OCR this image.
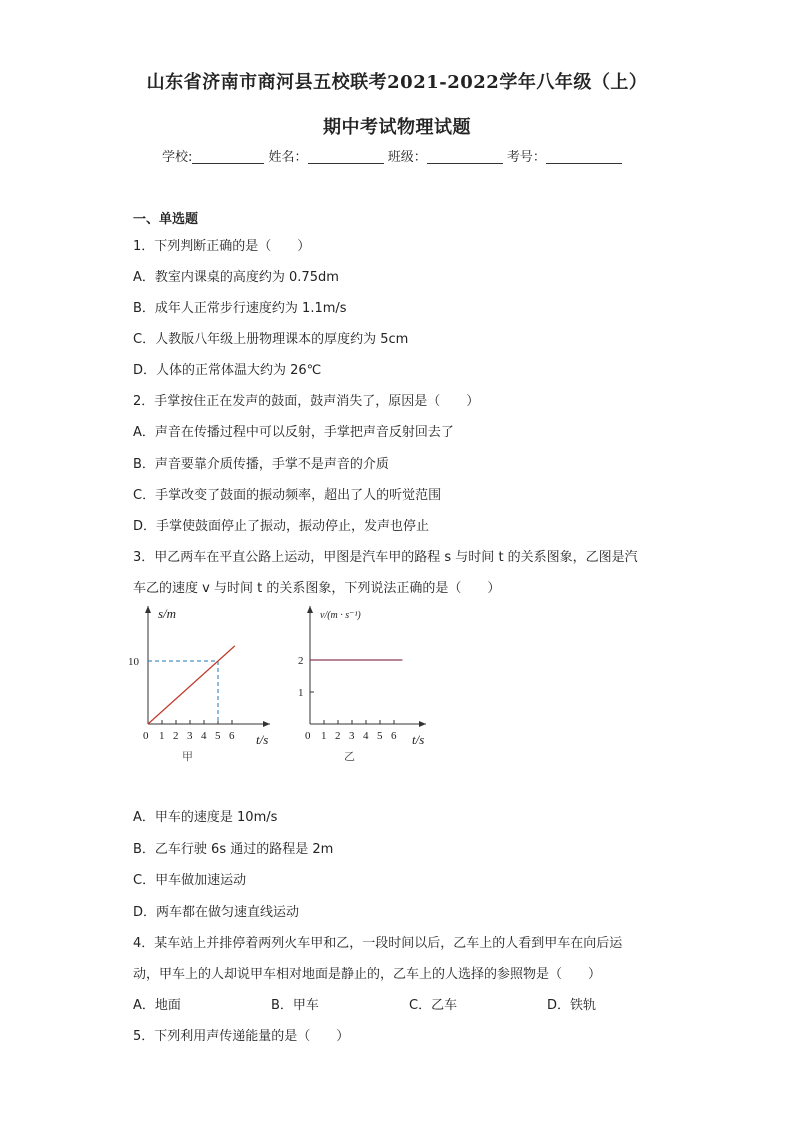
山东省济南市商河县五校联考2021-2022学年八年级（上）
期中考试物理试题
学校:	姓名：	班级：	考号：
一、单选题
1．下列判断正确的是（　　）
A．教室内课桌的高度约为 0.75dm
B．成年人正常步行速度约为 1.1m/s
C．人教版八年级上册物理课本的厚度约为 5cm
D．人体的正常体温大约为 26℃
2．手掌按住正在发声的鼓面，鼓声消失了，原因是（　　）
A．声音在传播过程中可以反射，手掌把声音反射回去了
B．声音要靠介质传播，手掌不是声音的介质
C．手掌改变了鼓面的振动频率，超出了人的听觉范围
D．手掌使鼓面停止了振动，振动停止，发声也停止
3．甲乙两车在平直公路上运动，甲图是汽车甲的路程 s 与时间 t 的关系图象，乙图是汽
车乙的速度 v 与时间 t 的关系图象，下列说法正确的是（　　）
0 1 2 3 4 5 6
10
t/s
s/m
甲
0 1 2 3 4 5 6
1
2
t/s
v/(m · s⁻¹)
乙
A．甲车的速度是 10m/s
B．乙车行驶 6s 通过的路程是 2m
C．甲车做加速运动
D．两车都在做匀速直线运动
4．某车站上并排停着两列火车甲和乙，一段时间以后，乙车上的人看到甲车在向后运
动，甲车上的人却说甲车相对地面是静止的，乙车上的人选择的参照物是（　　）
A．地面	B．甲车	C．乙车	D．铁轨
5．下列利用声传递能量的是（　　）
